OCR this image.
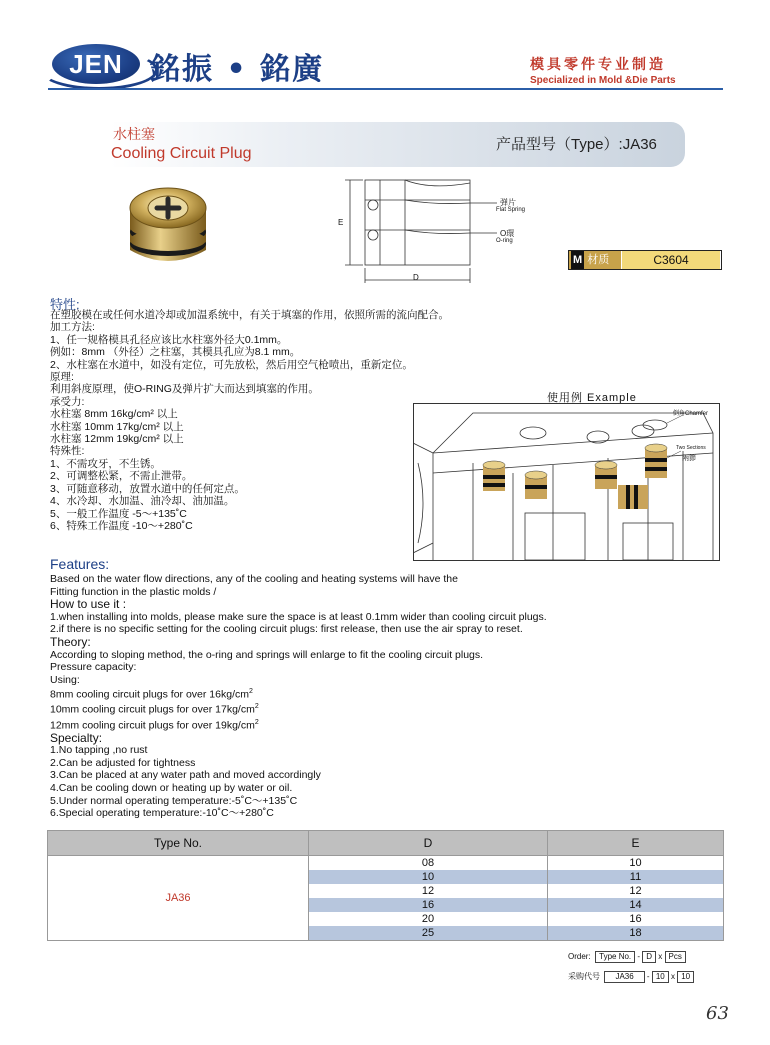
JEN 銘振 • 銘廣	模具零件专业制造
Specialized in Mold &Die Parts
水柱塞
Cooling Circuit Plug
产品型号（Type）:JA36
E
D
弹片
Flat Spring
O環
O-ring
M 材质	C3604
特性:
在塑胶模在或任何水道冷却或加温系统中，有关于填塞的作用，依照所需的流向配合。
加工方法:
1、任一规格模具孔径应该比水柱塞外径大0.1mm。
例如：8mm （外径）之柱塞，其模具孔应为8.1 mm。
2、水柱塞在水道中，如没有定位，可先放松，然后用空气枪喷出，重新定位。
原理:
利用斜度原理，使O-RING及弹片扩大而达到填塞的作用。
承受力:
水柱塞 8mm 16kg/cm² 以上
水柱塞 10mm 17kg/cm² 以上
水柱塞 12mm 19kg/cm² 以上
特殊性:
1、不需攻牙，不生锈。
2、可调整松紧，不需止泄带。
3、可随意移动，放置水道中的任何定点。
4、水冷却、水加温、油冷却、油加温。
5、一般工作温度 -5～+135˚C
6、特殊工作温度 -10～+280˚C
使用例 Example
倒角Chamfer
Two Sections
兩節
Features:
Based on the water flow directions, any of the cooling and heating systems will have the
Fitting function in the plastic molds /
How to use it :
1.when installing into molds, please make sure the space is at least 0.1mm wider than cooling circuit plugs.
2.if there is no specific setting for the cooling circuit plugs: first release, then use the air spray to reset.
Theory:
According to sloping method, the o-ring and springs will enlarge to fit the cooling circuit plugs.
Pressure capacity:
Using:
8mm cooling circuit plugs for over $16kg/cm^2$
10mm cooling circuit plugs for over $17kg/cm^2$
12mm cooling circuit plugs for over $19kg/cm^2$
Specialty:
1.No tapping ,no rust
2.Can be adjusted for tightness
3.Can be placed at any water path and moved accordingly
4.Can be cooling down or heating up by water or oil.
5.Under normal operating temperature:-5˚C～+135˚C
6.Special operating temperature:-10˚C～+280˚C
Type No.	D	E
JA36	08	10
	10	11
	12	12
	16	14
	20	16
	25	18
Order: Type No. - D x Pcs
采购代号 JA36 - 10 x 10
63
